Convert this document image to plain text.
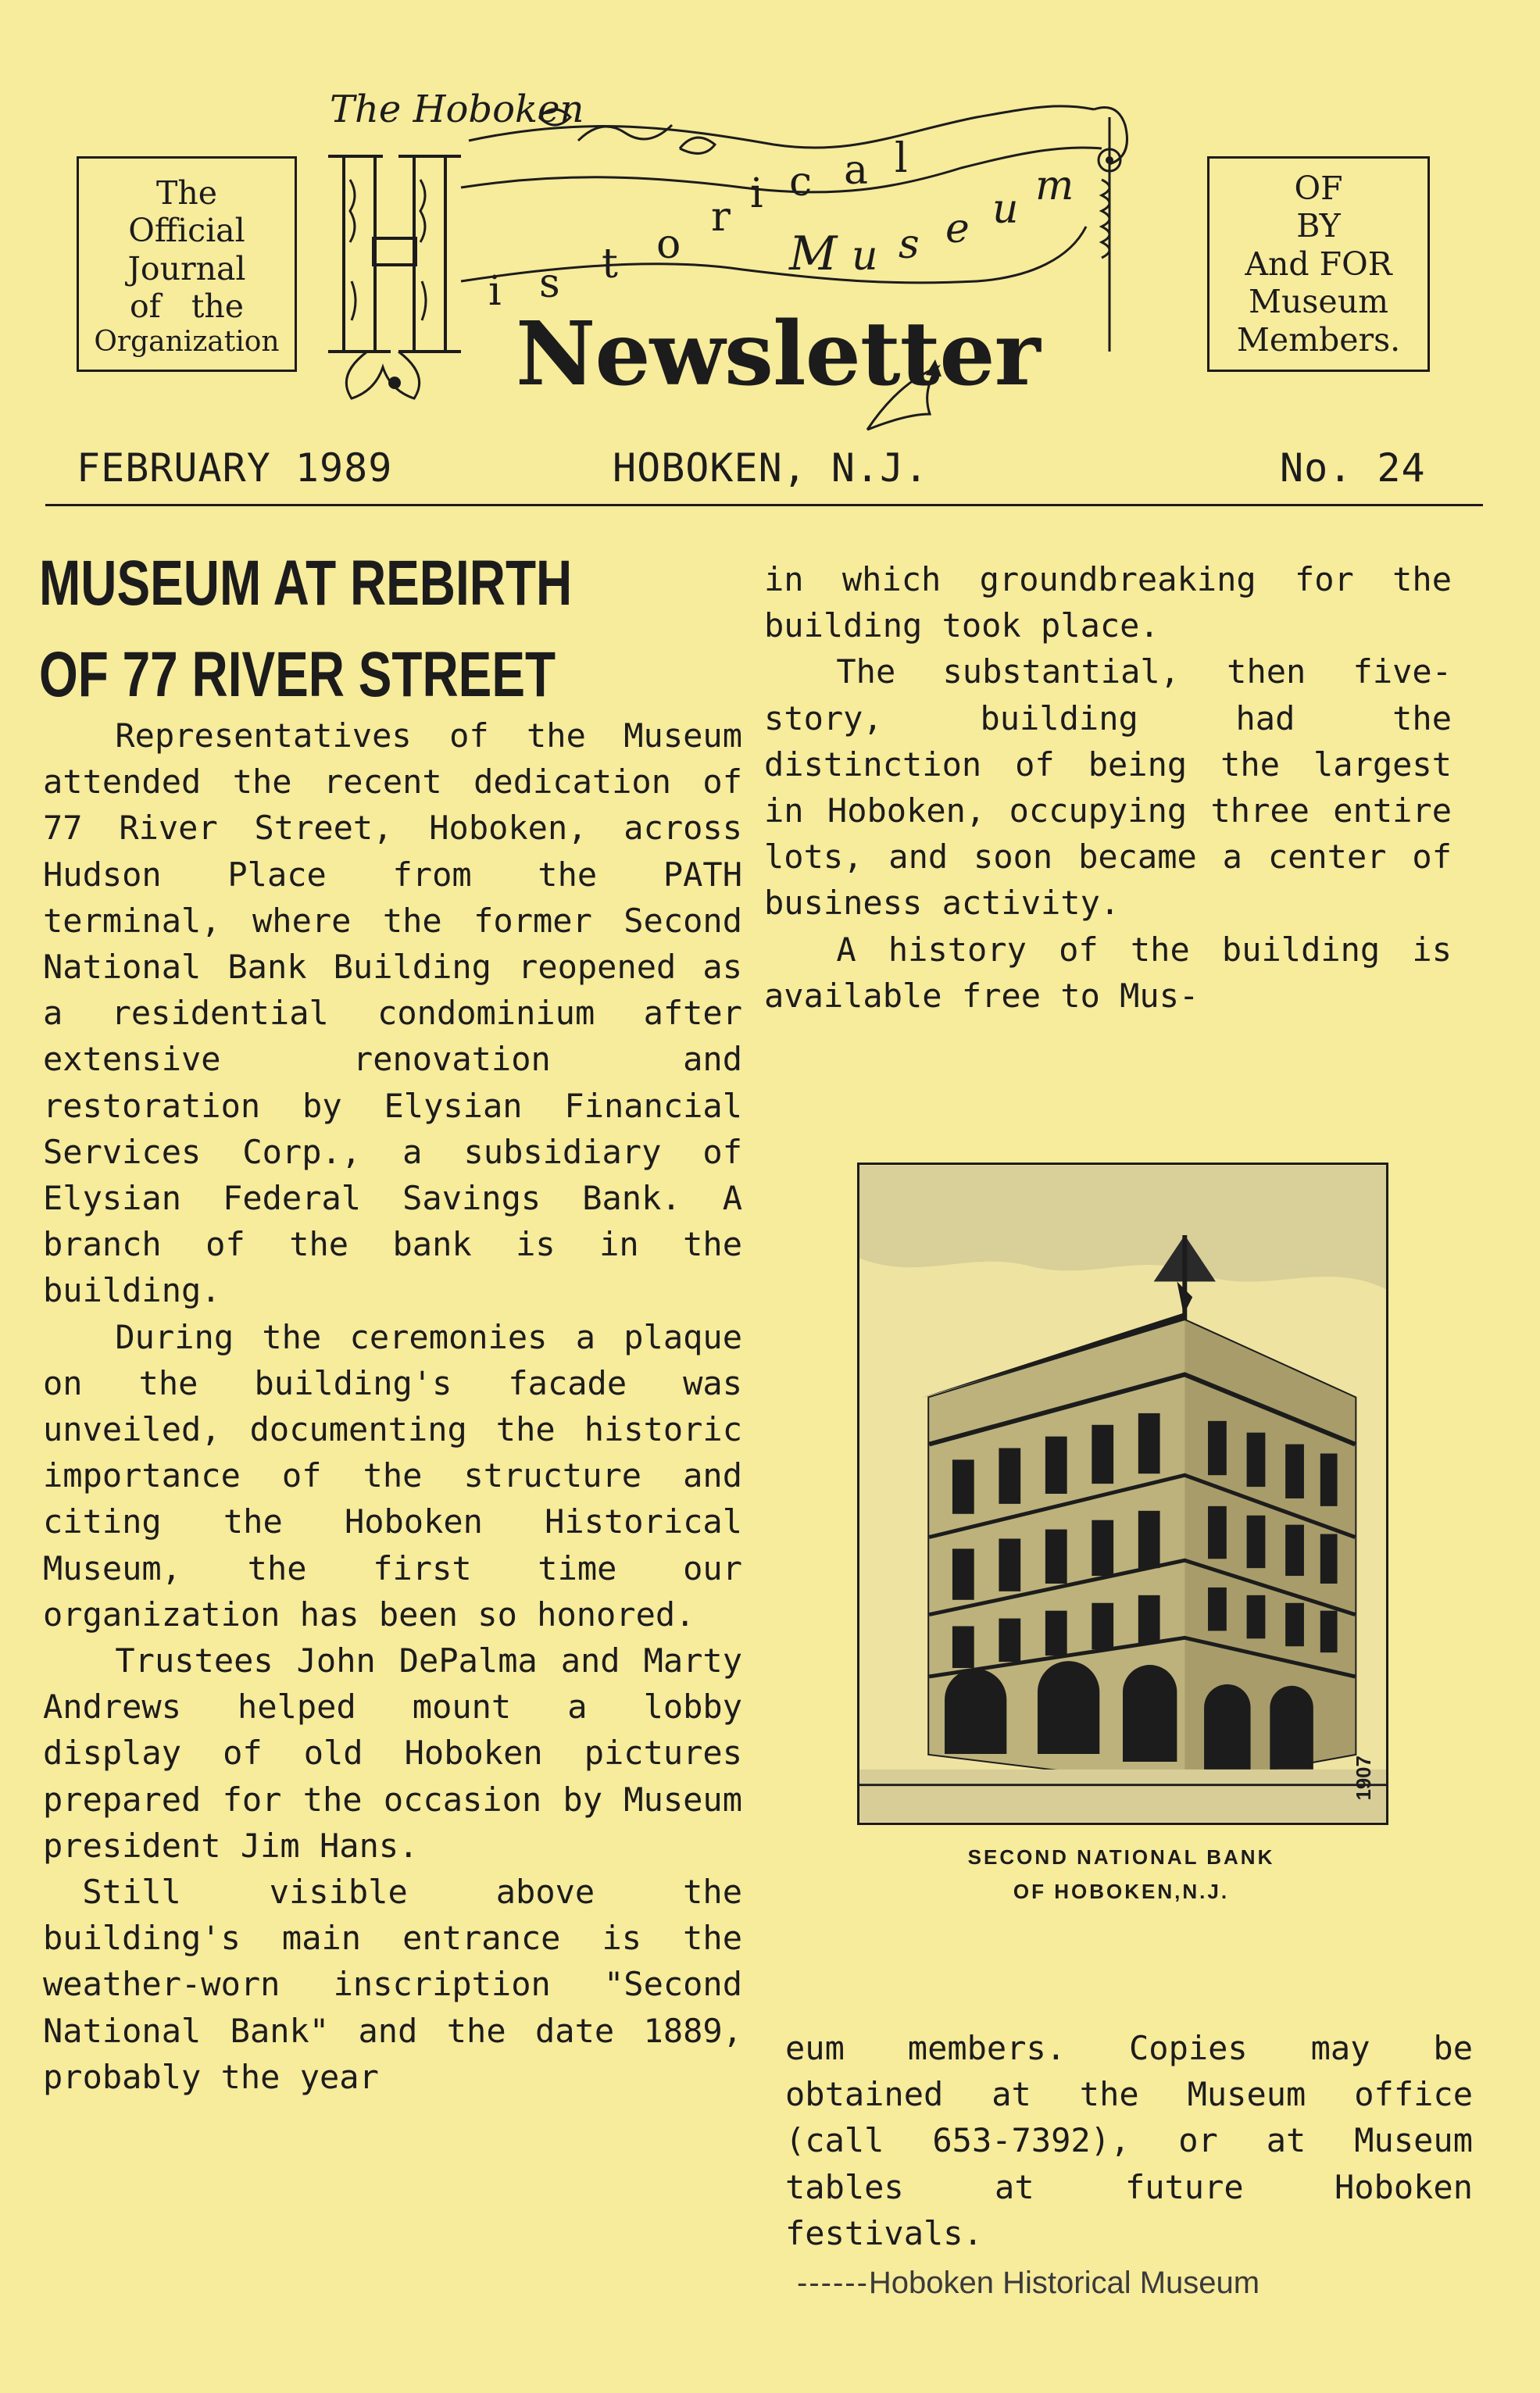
The
Official
Journal
of the
Organization
i s t o
r i c a l
M u s e u m
The Hoboken
Newsletter
OF
BY
And FOR
Museum
Members.
FEBRUARY 1989	HOBOKEN, N.J.	No. 24
MUSEUM AT REBIRTH
OF 77 RIVER STREET

Representatives of the Museum attended the recent dedication of 77 River Street, Hoboken, across Hudson Place from the PATH terminal, where the former Second National Bank Building reopened as a residential condominium after extensive renovation and restoration by Elysian Financial Services Corp., a subsidiary of Elysian Federal Savings Bank. A branch of the bank is in the building.

During the ceremonies a plaque on the building's facade was unveiled, documenting the historic importance of the structure and citing the Hoboken Historical Museum, the first time our organization has been so honored.

Trustees John DePalma and Marty Andrews helped mount a lobby display of old Hoboken pictures prepared for the occasion by Museum president Jim Hans.

Still visible above the building's main entrance is the weather-worn inscription "Second National Bank" and the date 1889, probably the year

in which groundbreaking for the building took place.

The substantial, then five-story, building had the distinction of being the largest in Hoboken, occupying three entire lots, and soon became a center of business activity.

A history of the building is available free to Mus-

1907
SECOND NATIONAL BANK
OF HOBOKEN,N.J.

eum members. Copies may be obtained at the Museum office (call 653-7392), or at Museum tables at future Hoboken festivals.

------Hoboken Historical Museum
